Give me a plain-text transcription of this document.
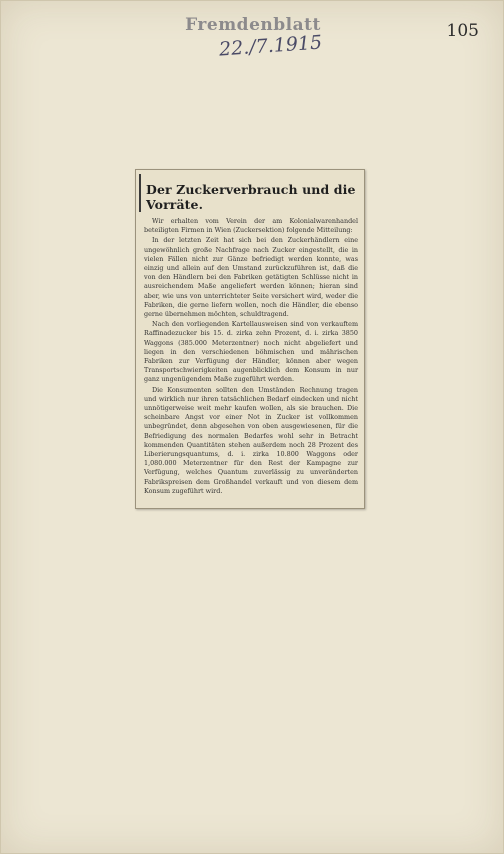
Fremdenblatt
22./7.1915
105
Der Zuckerverbrauch und die Vorräte.

Wir erhalten vom Verein der am Kolonialwarenhandel beteiligten Firmen in Wien (Zuckersektion) folgende Mitteilung:

In der letzten Zeit hat sich bei den Zuckerhändlern eine ungewöhnlich große Nachfrage nach Zucker eingestellt, die in vielen Fällen nicht zur Gänze befriedigt werden konnte, was einzig und allein auf den Umstand zurückzuführen ist, daß die von den Händlern bei den Fabriken getätigten Schlüsse nicht in ausreichendem Maße angeliefert werden können; hieran sind aber, wie uns von unterrichteter Seite versichert wird, weder die Fabriken, die gerne liefern wollen, noch die Händler, die ebenso gerne übernehmen möchten, schuldtragend.

Nach den vorliegenden Kartellausweisen sind von verkauftem Raffinadezucker bis 15. d. zirka zehn Prozent, d. i. zirka 3850 Waggons (385.000 Meterzentner) noch nicht abgeliefert und liegen in den verschiedenen böhmischen und mährischen Fabriken zur Verfügung der Händler, können aber wegen Transportschwierigkeiten augenblicklich dem Konsum in nur ganz ungenügendem Maße zugeführt werden.

Die Konsumenten sollten den Umständen Rechnung tragen und wirklich nur ihren tatsächlichen Bedarf eindecken und nicht unnötigerweise weit mehr kaufen wollen, als sie brauchen. Die scheinbare Angst vor einer Not in Zucker ist vollkommen unbegründet, denn abgesehen von oben ausgewiesenen, für die Befriedigung des normalen Bedarfes wohl sehr in Betracht kommenden Quantitäten stehen außerdem noch 28 Prozent des Liberierungsquantums, d. i. zirka 10.800 Waggons oder 1,080.000 Meterzentner für den Rest der Kampagne zur Verfügung, welches Quantum zuverlässig zu unveränderten Fabrikspreisen dem Großhandel verkauft und von diesem dem Konsum zugeführt wird.
